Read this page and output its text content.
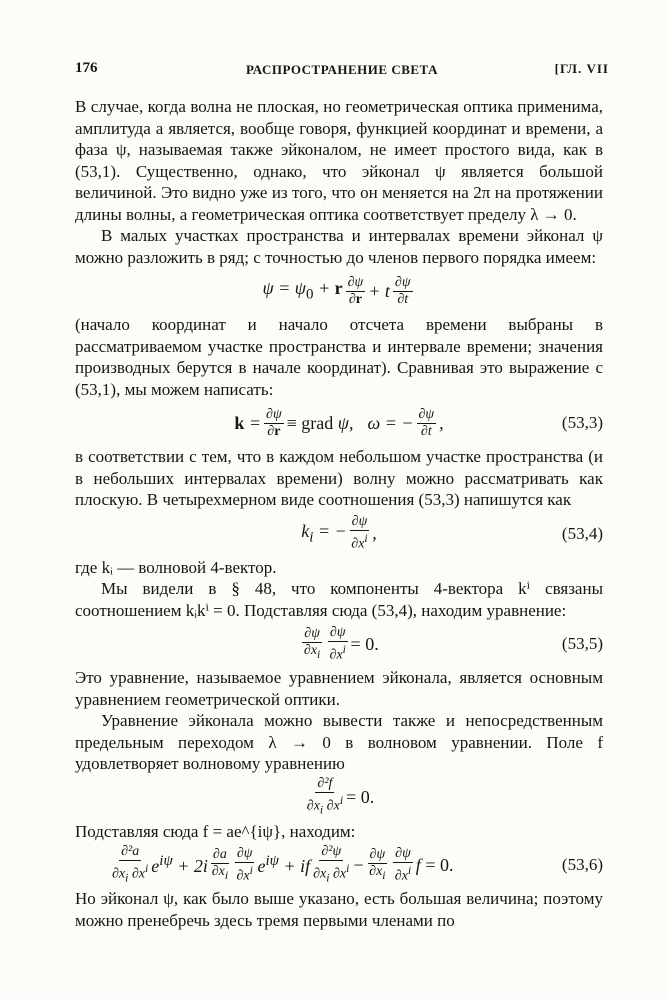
176	РАСПРОСТРАНЕНИЕ СВЕТА	[ГЛ. VII

В случае, когда волна не плоская, но геометрическая оптика применима, амплитуда a является, вообще говоря, функцией координат и времени, а фаза ψ, называемая также эйконалом, не имеет простого вида, как в (53,1). Существенно, однако, что эйконал ψ является большой величиной. Это видно уже из того, что он меняется на 2π на протяжении длины волны, а геометрическая оптика соответствует пределу λ → 0.

В малых участках пространства и интервалах времени эйконал ψ можно разложить в ряд; с точностью до членов первого порядка имеем:

$\psi = \psi_0 + r \frac{\partial\psi}{\partial r} + t \frac{\partial\psi}{\partial t}$

(начало координат и начало отсчета времени выбраны в рассматриваемом участке пространства и интервале времени; значения производных берутся в начале координат). Сравнивая это выражение с (53,1), мы можем написать:

$k = \frac{\partial\psi}{\partial r}$ ≡ grad ψ, ω = − $\frac{\partial\psi}{\partial t}$ ,	(53,3)

в соответствии с тем, что в каждом небольшом участке пространства (и в небольших интервалах времени) волну можно рассматривать как плоскую. В четырехмерном виде соотношения (53,3) напишутся как

$k_i$ = − $\frac{\partial\psi}{\partial x^i}$ ,	(53,4)

где kᵢ — волновой 4-вектор.

Мы видели в § 48, что компоненты 4-вектора kⁱ связаны соотношением kᵢkⁱ = 0. Подставляя сюда (53,4), находим уравнение:

$\frac{\partial\psi}{\partial x_i} \frac{\partial\psi}{\partial x^i} = 0$.	(53,5)

Это уравнение, называемое уравнением эйконала, является основным уравнением геометрической оптики.

Уравнение эйконала можно вывести также и непосредственным предельным переходом λ → 0 в волновом уравнении. Поле f удовлетворяет волновому уравнению

$\frac{\text{∂²f}}{\partial x_i \partial x^i} = 0$.

Подставляя сюда f = ae^{iψ}, находим:

$\frac{\text{∂²a}}{\partial x_i \partial x^i} e^{i\psi} + 2i \frac{\partial a}{\partial x_i} \frac{\partial\psi}{\partial x^i} e^{i\psi}$ + if $\frac{\text{∂²ψ}}{\partial x_i \partial x^i} - \frac{\partial\psi}{\partial x_i} \frac{\partial\psi}{\partial x^i}$ f = 0.	(53,6)

Но эйконал ψ, как было выше указано, есть большая величина; поэтому можно пренебречь здесь тремя первыми членами по
